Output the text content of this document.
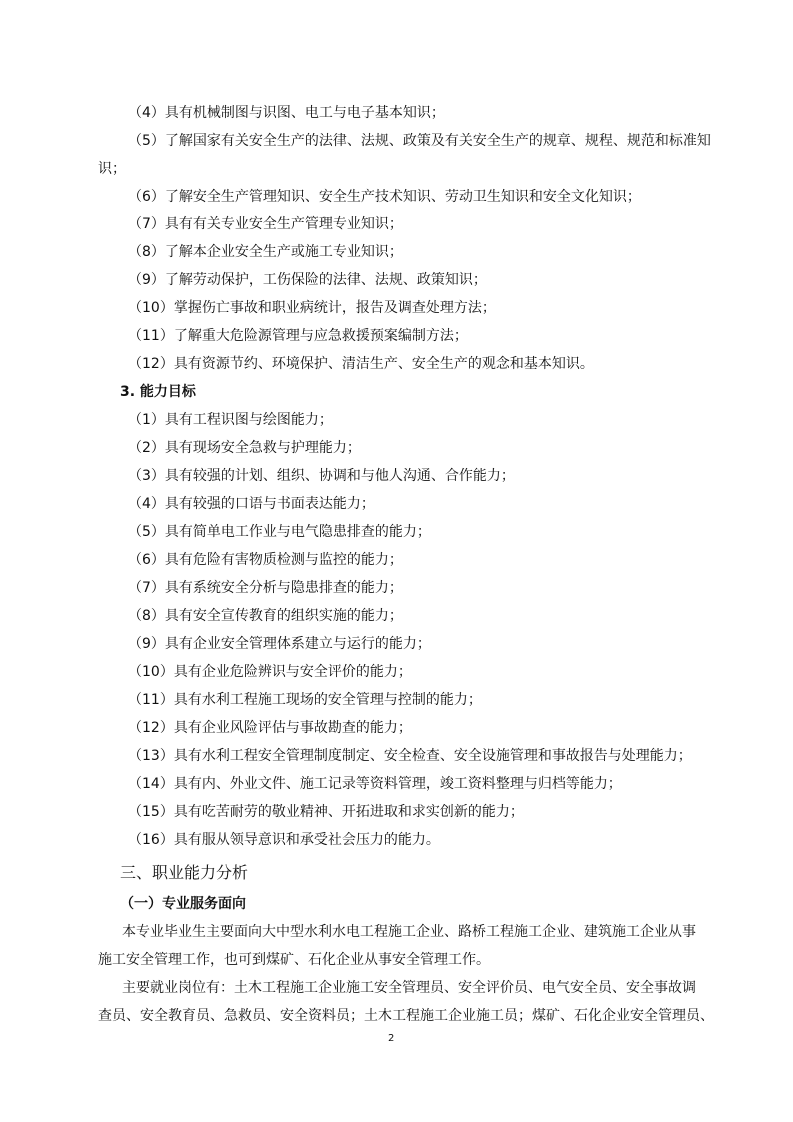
（4）具有机械制图与识图、电工与电子基本知识；
（5）了解国家有关安全生产的法律、法规、政策及有关安全生产的规章、规程、规范和标准知
识；
（6）了解安全生产管理知识、安全生产技术知识、劳动卫生知识和安全文化知识；
（7）具有有关专业安全生产管理专业知识；
（8）了解本企业安全生产或施工专业知识；
（9）了解劳动保护，工伤保险的法律、法规、政策知识；
（10）掌握伤亡事故和职业病统计，报告及调查处理方法；
（11）了解重大危险源管理与应急救援预案编制方法；
（12）具有资源节约、环境保护、清洁生产、安全生产的观念和基本知识。
3. 能力目标
（1）具有工程识图与绘图能力；
（2）具有现场安全急救与护理能力；
（3）具有较强的计划、组织、协调和与他人沟通、合作能力；
（4）具有较强的口语与书面表达能力；
（5）具有简单电工作业与电气隐患排查的能力；
（6）具有危险有害物质检测与监控的能力；
（7）具有系统安全分析与隐患排查的能力；
（8）具有安全宣传教育的组织实施的能力；
（9）具有企业安全管理体系建立与运行的能力；
（10）具有企业危险辨识与安全评价的能力；
（11）具有水利工程施工现场的安全管理与控制的能力；
（12）具有企业风险评估与事故勘查的能力；
（13）具有水利工程安全管理制度制定、安全检查、安全设施管理和事故报告与处理能力；
（14）具有内、外业文件、施工记录等资料管理，竣工资料整理与归档等能力；
（15）具有吃苦耐劳的敬业精神、开拓进取和求实创新的能力；
（16）具有服从领导意识和承受社会压力的能力。
三、职业能力分析
（一）专业服务面向
本专业毕业生主要面向大中型水利水电工程施工企业、路桥工程施工企业、建筑施工企业从事
施工安全管理工作，也可到煤矿、石化企业从事安全管理工作。
主要就业岗位有：土木工程施工企业施工安全管理员、安全评价员、电气安全员、安全事故调
查员、安全教育员、急救员、安全资料员；土木工程施工企业施工员；煤矿、石化企业安全管理员、
2
